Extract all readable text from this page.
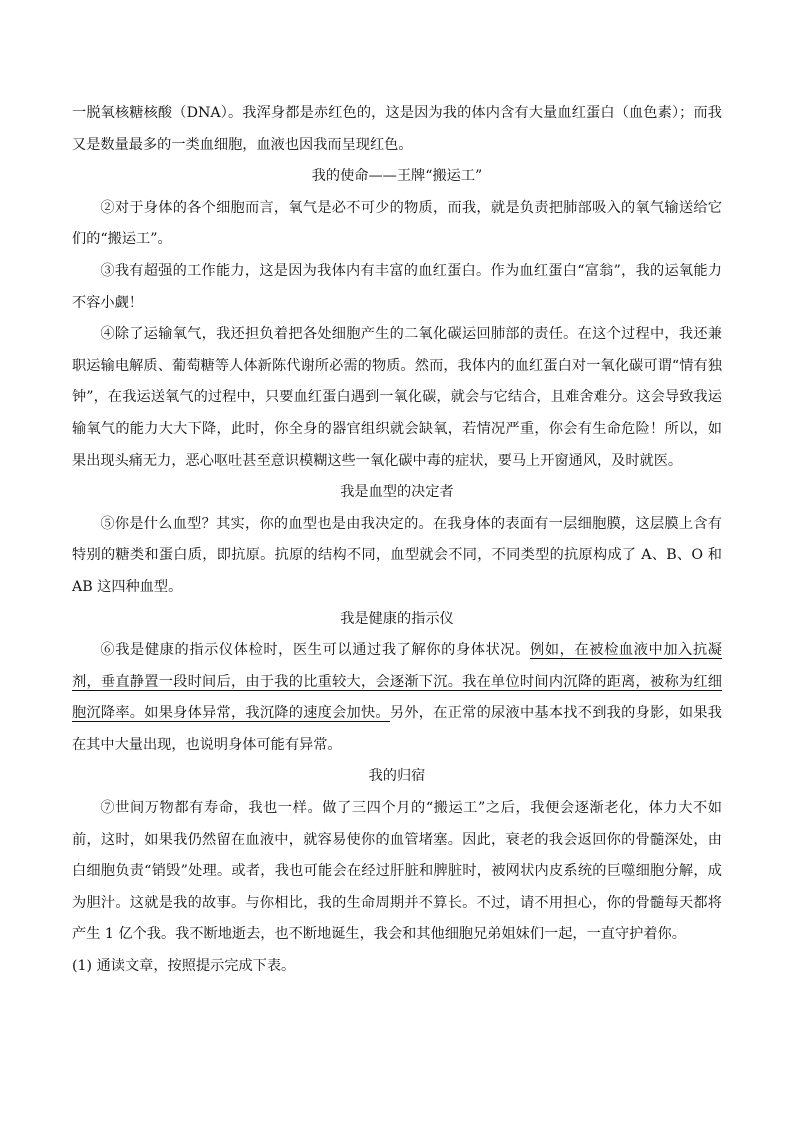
一脱氧核糖核酸（DNA）。我浑身都是赤红色的，这是因为我的体内含有大量血红蛋白（血色素）；而我又是数量最多的一类血细胞，血液也因我而呈现红色。

我的使命——王牌“搬运工”

②对于身体的各个细胞而言，氧气是必不可少的物质，而我，就是负责把肺部吸入的氧气输送给它们的“搬运工”。

③我有超强的工作能力，这是因为我体内有丰富的血红蛋白。作为血红蛋白“富翁”，我的运氧能力不容小觑！

④除了运输氧气，我还担负着把各处细胞产生的二氧化碳运回肺部的责任。在这个过程中，我还兼职运输电解质、葡萄糖等人体新陈代谢所必需的物质。然而，我体内的血红蛋白对一氧化碳可谓“情有独钟”，在我运送氧气的过程中，只要血红蛋白遇到一氧化碳，就会与它结合，且难舍难分。这会导致我运输氧气的能力大大下降，此时，你全身的器官组织就会缺氧，若情况严重，你会有生命危险！所以，如果出现头痛无力，恶心呕吐甚至意识模糊这些一氧化碳中毒的症状，要马上开窗通风，及时就医。

我是血型的决定者

⑤你是什么血型？其实，你的血型也是由我决定的。在我身体的表面有一层细胞膜，这层膜上含有特别的糖类和蛋白质，即抗原。抗原的结构不同，血型就会不同，不同类型的抗原构成了 A、B、O 和 AB 这四种血型。

我是健康的指示仪

⑥我是健康的指示仪体检时，医生可以通过我了解你的身体状况。例如，在被检血液中加入抗凝剂，垂直静置一段时间后，由于我的比重较大，会逐渐下沉。我在单位时间内沉降的距离，被称为红细胞沉降率。如果身体异常，我沉降的速度会加快。另外，在正常的尿液中基本找不到我的身影，如果我在其中大量出现，也说明身体可能有异常。

我的归宿

⑦世间万物都有寿命，我也一样。做了三四个月的“搬运工”之后，我便会逐渐老化，体力大不如前，这时，如果我仍然留在血液中，就容易使你的血管堵塞。因此，衰老的我会返回你的骨髓深处，由白细胞负责“销毁”处理。或者，我也可能会在经过肝脏和脾脏时，被网状内皮系统的巨噬细胞分解，成为胆汁。这就是我的故事。与你相比，我的生命周期并不算长。不过，请不用担心，你的骨髓每天都将产生 1 亿个我。我不断地逝去，也不断地诞生，我会和其他细胞兄弟姐妹们一起，一直守护着你。

(1) 通读文章，按照提示完成下表。
